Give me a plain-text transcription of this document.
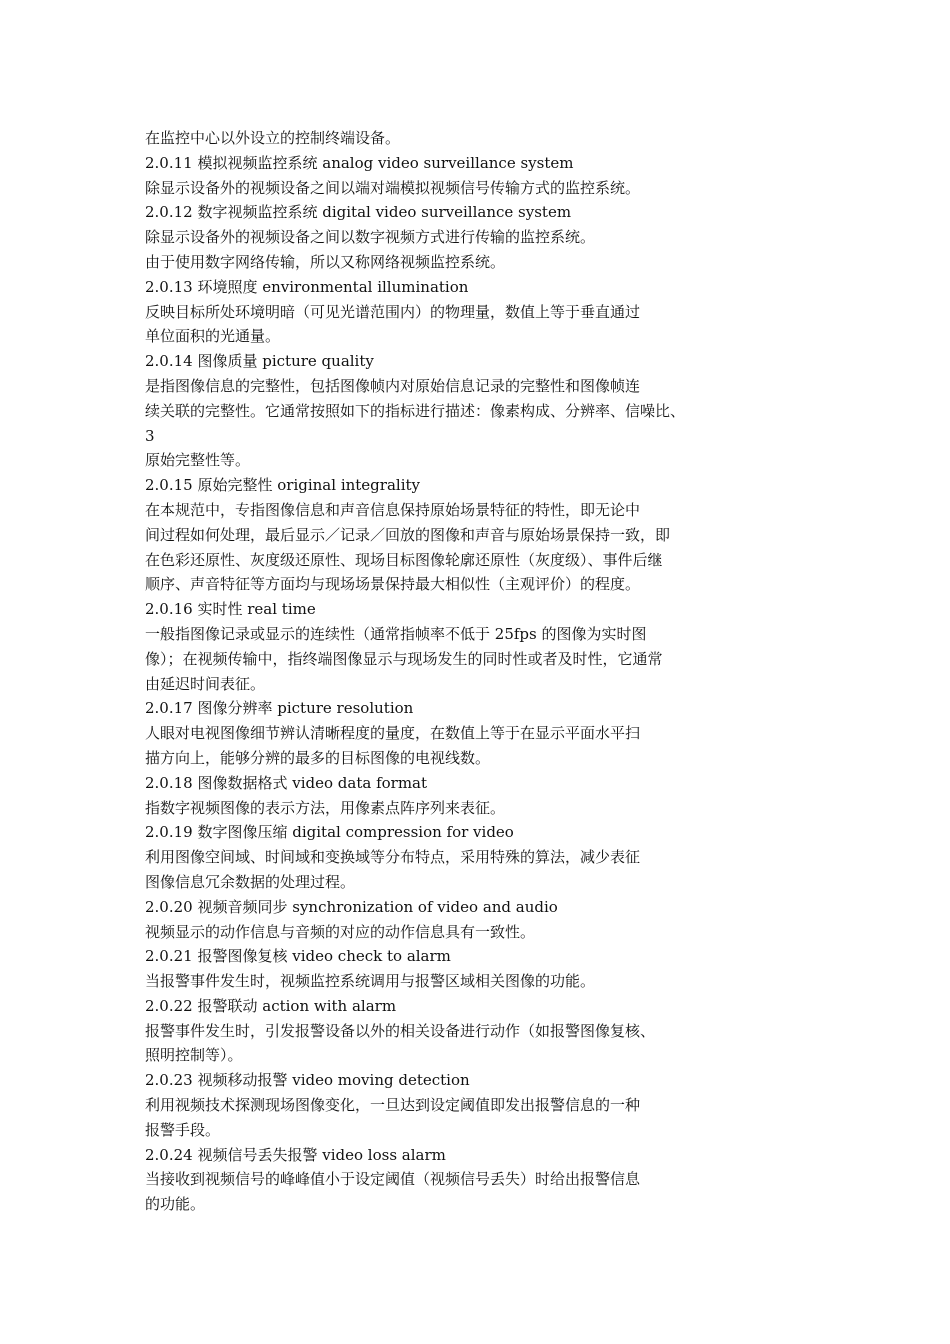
在监控中心以外设立的控制终端设备。
2.0.11 模拟视频监控系统 analog video surveillance system
除显示设备外的视频设备之间以端对端模拟视频信号传输方式的监控系统。
2.0.12 数字视频监控系统 digital video surveillance system
除显示设备外的视频设备之间以数字视频方式进行传输的监控系统。
由于使用数字网络传输，所以又称网络视频监控系统。
2.0.13 环境照度 environmental illumination
反映目标所处环境明暗（可见光谱范围内）的物理量，数值上等于垂直通过
单位面积的光通量。
2.0.14 图像质量 picture quality
是指图像信息的完整性，包括图像帧内对原始信息记录的完整性和图像帧连
续关联的完整性。它通常按照如下的指标进行描述：像素构成、分辨率、信噪比、
3
原始完整性等。
2.0.15 原始完整性 original integrality
在本规范中，专指图像信息和声音信息保持原始场景特征的特性，即无论中
间过程如何处理，最后显示／记录／回放的图像和声音与原始场景保持一致，即
在色彩还原性、灰度级还原性、现场目标图像轮廓还原性（灰度级）、事件后继
顺序、声音特征等方面均与现场场景保持最大相似性（主观评价）的程度。
2.0.16 实时性 real time
一般指图像记录或显示的连续性（通常指帧率不低于 25fps 的图像为实时图
像）；在视频传输中，指终端图像显示与现场发生的同时性或者及时性，它通常
由延迟时间表征。
2.0.17 图像分辨率 picture resolution
人眼对电视图像细节辨认清晰程度的量度，在数值上等于在显示平面水平扫
描方向上，能够分辨的最多的目标图像的电视线数。
2.0.18 图像数据格式 video data format
指数字视频图像的表示方法，用像素点阵序列来表征。
2.0.19 数字图像压缩 digital compression for video
利用图像空间域、时间域和变换域等分布特点，采用特殊的算法，减少表征
图像信息冗余数据的处理过程。
2.0.20 视频音频同步 synchronization of video and audio
视频显示的动作信息与音频的对应的动作信息具有一致性。
2.0.21 报警图像复核 video check to alarm
当报警事件发生时，视频监控系统调用与报警区域相关图像的功能。
2.0.22 报警联动 action with alarm
报警事件发生时，引发报警设备以外的相关设备进行动作（如报警图像复核、
照明控制等）。
2.0.23 视频移动报警 video moving detection
利用视频技术探测现场图像变化，一旦达到设定阈值即发出报警信息的一种
报警手段。
2.0.24 视频信号丢失报警 video loss alarm
当接收到视频信号的峰峰值小于设定阈值（视频信号丢失）时给出报警信息
的功能。
